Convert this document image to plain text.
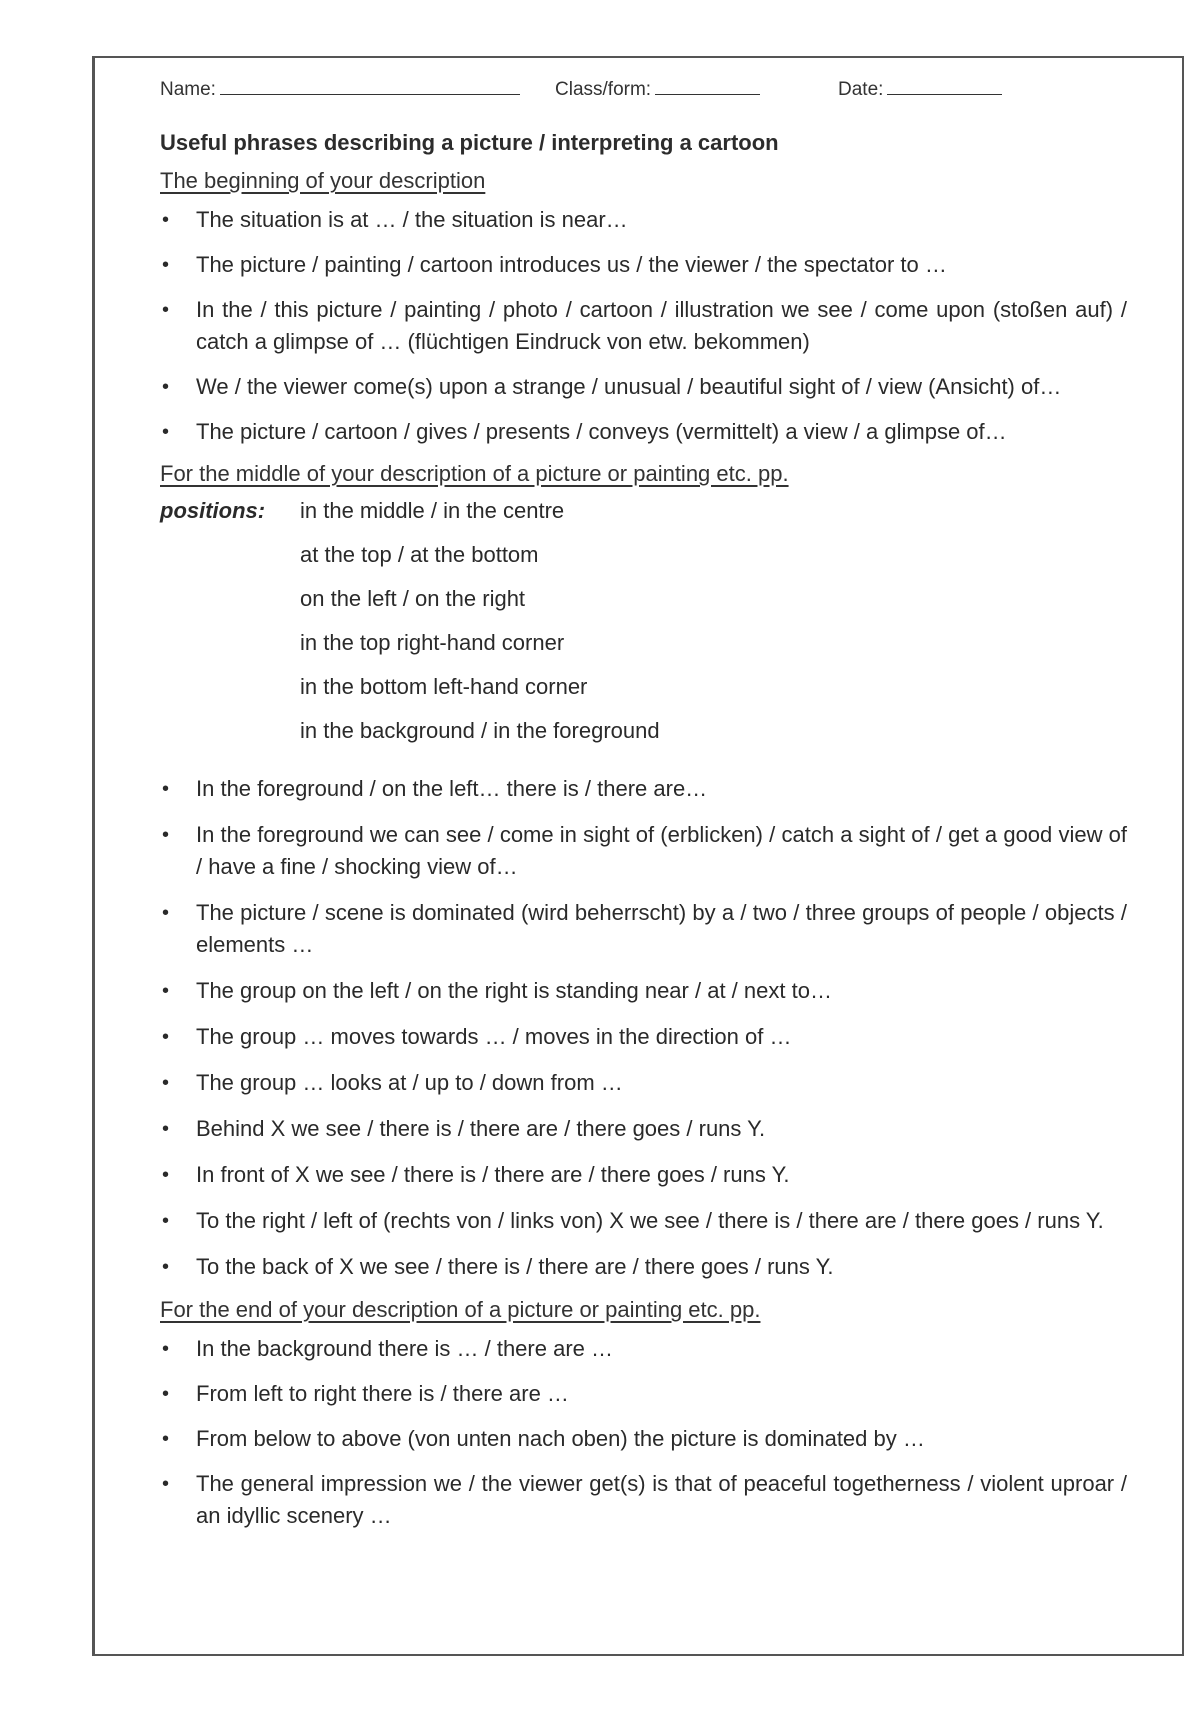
Name:	Class/form:	Date:
Useful phrases describing a picture / interpreting a cartoon
The beginning of your description
• The situation is at … / the situation is near…
• The picture / painting / cartoon introduces us / the viewer / the spectator to …
• In the / this picture / painting / photo / cartoon / illustration we see / come upon (stoßen auf) / catch a glimpse of … (flüchtigen Eindruck von etw. bekommen)
• We / the viewer come(s) upon a strange / unusual / beautiful sight of / view (Ansicht) of…
• The picture / cartoon / gives / presents / conveys (vermittelt) a view / a glimpse of…
For the middle of your description of a picture or painting etc. pp.
positions:	in the middle / in the centre
at the top / at the bottom
on the left / on the right
in the top right-hand corner
in the bottom left-hand corner
in the background / in the foreground
• In the foreground / on the left… there is / there are…
• In the foreground we can see / come in sight of (erblicken) / catch a sight of / get a good view of / have a fine / shocking view of…
• The picture / scene is dominated (wird beherrscht) by a / two / three groups of people / objects / elements …
• The group on the left / on the right is standing near / at / next to…
• The group … moves towards … / moves in the direction of …
• The group … looks at / up to / down from …
• Behind X we see / there is / there are / there goes / runs Y.
• In front of X we see / there is / there are / there goes / runs Y.
• To the right / left of (rechts von / links von) X we see / there is / there are / there goes / runs Y.
• To the back of X we see / there is / there are / there goes / runs Y.
For the end of your description of a picture or painting etc. pp.
• In the background there is … / there are …
• From left to right there is / there are …
• From below to above (von unten nach oben) the picture is dominated by …
• The general impression we / the viewer get(s) is that of peaceful togetherness / violent uproar / an idyllic scenery …
